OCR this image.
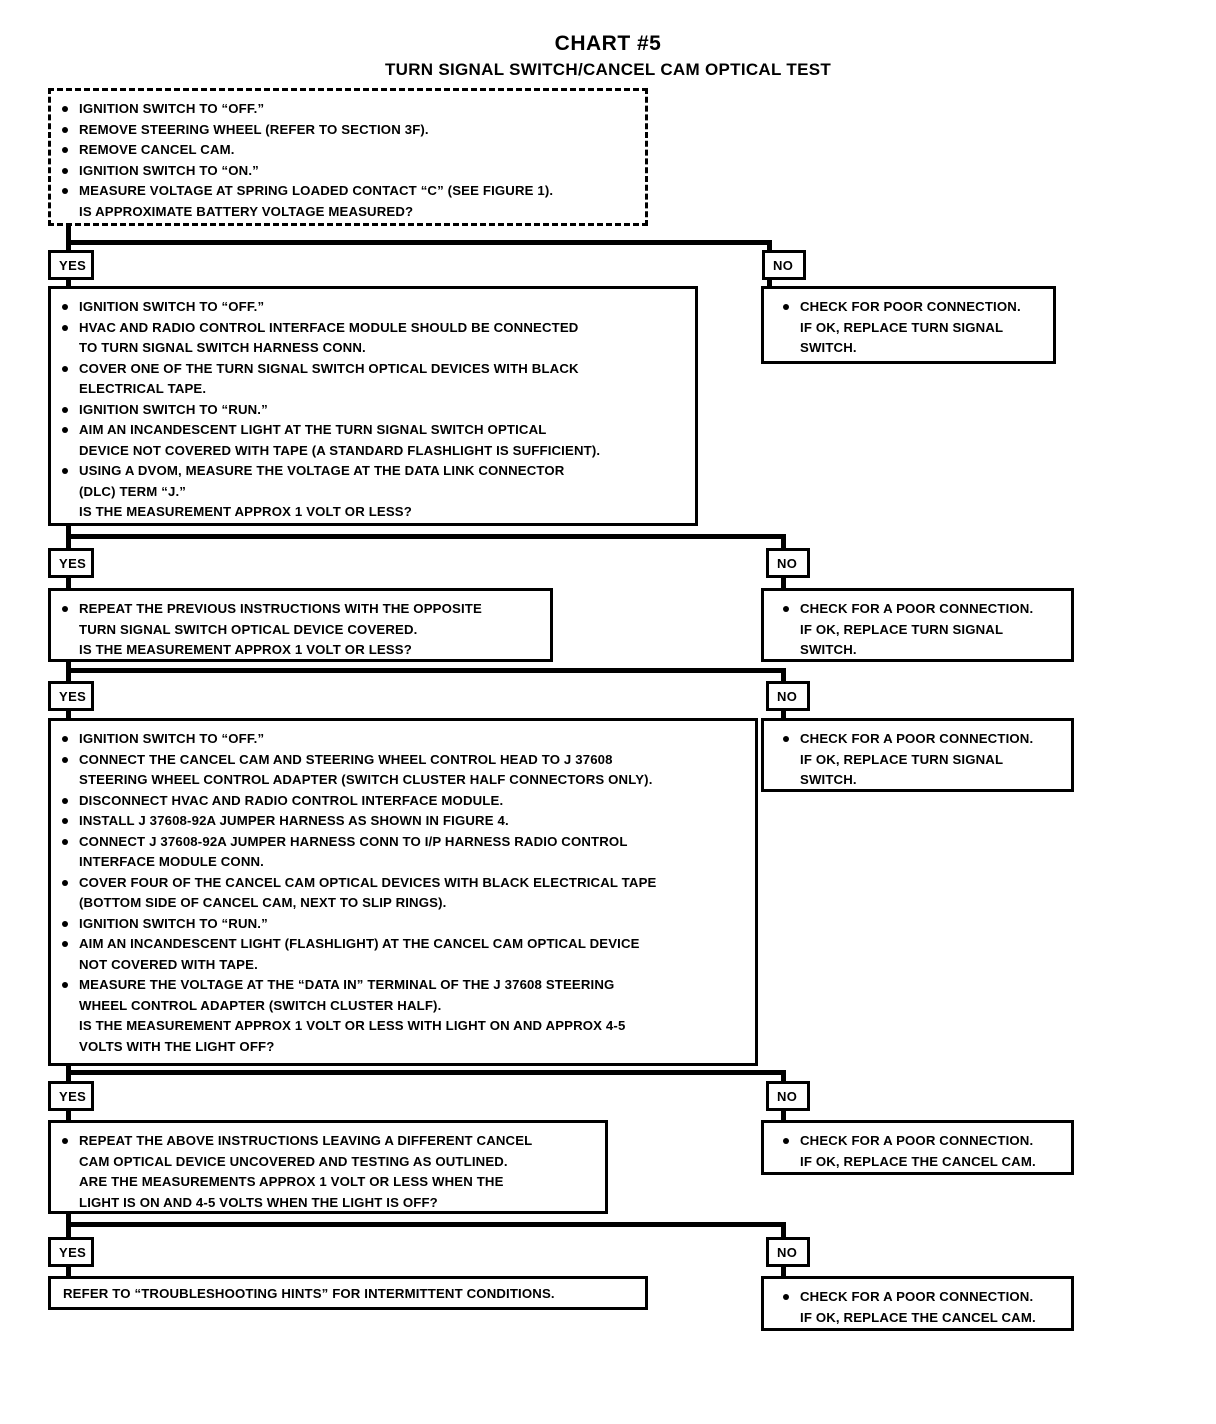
CHART #5
TURN SIGNAL SWITCH/CANCEL CAM OPTICAL TEST
IGNITION SWITCH TO “OFF.”
REMOVE STEERING WHEEL (REFER TO SECTION 3F).
REMOVE CANCEL CAM.
IGNITION SWITCH TO “ON.”
MEASURE VOLTAGE AT SPRING LOADED CONTACT “C” (SEE FIGURE 1).
IS APPROXIMATE BATTERY VOLTAGE MEASURED?
YES	NO
IGNITION SWITCH TO “OFF.”
HVAC AND RADIO CONTROL INTERFACE MODULE SHOULD BE CONNECTED
TO TURN SIGNAL SWITCH HARNESS CONN.
COVER ONE OF THE TURN SIGNAL SWITCH OPTICAL DEVICES WITH BLACK
ELECTRICAL TAPE.
IGNITION SWITCH TO “RUN.”
AIM AN INCANDESCENT LIGHT AT THE TURN SIGNAL SWITCH OPTICAL
DEVICE NOT COVERED WITH TAPE (A STANDARD FLASHLIGHT IS SUFFICIENT).
USING A DVOM, MEASURE THE VOLTAGE AT THE DATA LINK CONNECTOR
(DLC) TERM “J.”
IS THE MEASUREMENT APPROX 1 VOLT OR LESS?
CHECK FOR POOR CONNECTION.
IF OK, REPLACE TURN SIGNAL
SWITCH.
YES	NO
REPEAT THE PREVIOUS INSTRUCTIONS WITH THE OPPOSITE
TURN SIGNAL SWITCH OPTICAL DEVICE COVERED.
IS THE MEASUREMENT APPROX 1 VOLT OR LESS?
CHECK FOR A POOR CONNECTION.
IF OK, REPLACE TURN SIGNAL
SWITCH.
YES	NO
IGNITION SWITCH TO “OFF.”
CONNECT THE CANCEL CAM AND STEERING WHEEL CONTROL HEAD TO J 37608
STEERING WHEEL CONTROL ADAPTER (SWITCH CLUSTER HALF CONNECTORS ONLY).
DISCONNECT HVAC AND RADIO CONTROL INTERFACE MODULE.
INSTALL J 37608-92A JUMPER HARNESS AS SHOWN IN FIGURE 4.
CONNECT J 37608-92A JUMPER HARNESS CONN TO I/P HARNESS RADIO CONTROL
INTERFACE MODULE CONN.
COVER FOUR OF THE CANCEL CAM OPTICAL DEVICES WITH BLACK ELECTRICAL TAPE
(BOTTOM SIDE OF CANCEL CAM, NEXT TO SLIP RINGS).
IGNITION SWITCH TO “RUN.”
AIM AN INCANDESCENT LIGHT (FLASHLIGHT) AT THE CANCEL CAM OPTICAL DEVICE
NOT COVERED WITH TAPE.
MEASURE THE VOLTAGE AT THE “DATA IN” TERMINAL OF THE J 37608 STEERING
WHEEL CONTROL ADAPTER (SWITCH CLUSTER HALF).
IS THE MEASUREMENT APPROX 1 VOLT OR LESS WITH LIGHT ON AND APPROX 4-5
VOLTS WITH THE LIGHT OFF?
CHECK FOR A POOR CONNECTION.
IF OK, REPLACE TURN SIGNAL
SWITCH.
YES	NO
REPEAT THE ABOVE INSTRUCTIONS LEAVING A DIFFERENT CANCEL
CAM OPTICAL DEVICE UNCOVERED AND TESTING AS OUTLINED.
ARE THE MEASUREMENTS APPROX 1 VOLT OR LESS WHEN THE
LIGHT IS ON AND 4-5 VOLTS WHEN THE LIGHT IS OFF?
CHECK FOR A POOR CONNECTION.
IF OK, REPLACE THE CANCEL CAM.
YES	NO
REFER TO “TROUBLESHOOTING HINTS” FOR INTERMITTENT CONDITIONS.	CHECK FOR A POOR CONNECTION.
IF OK, REPLACE THE CANCEL CAM.
